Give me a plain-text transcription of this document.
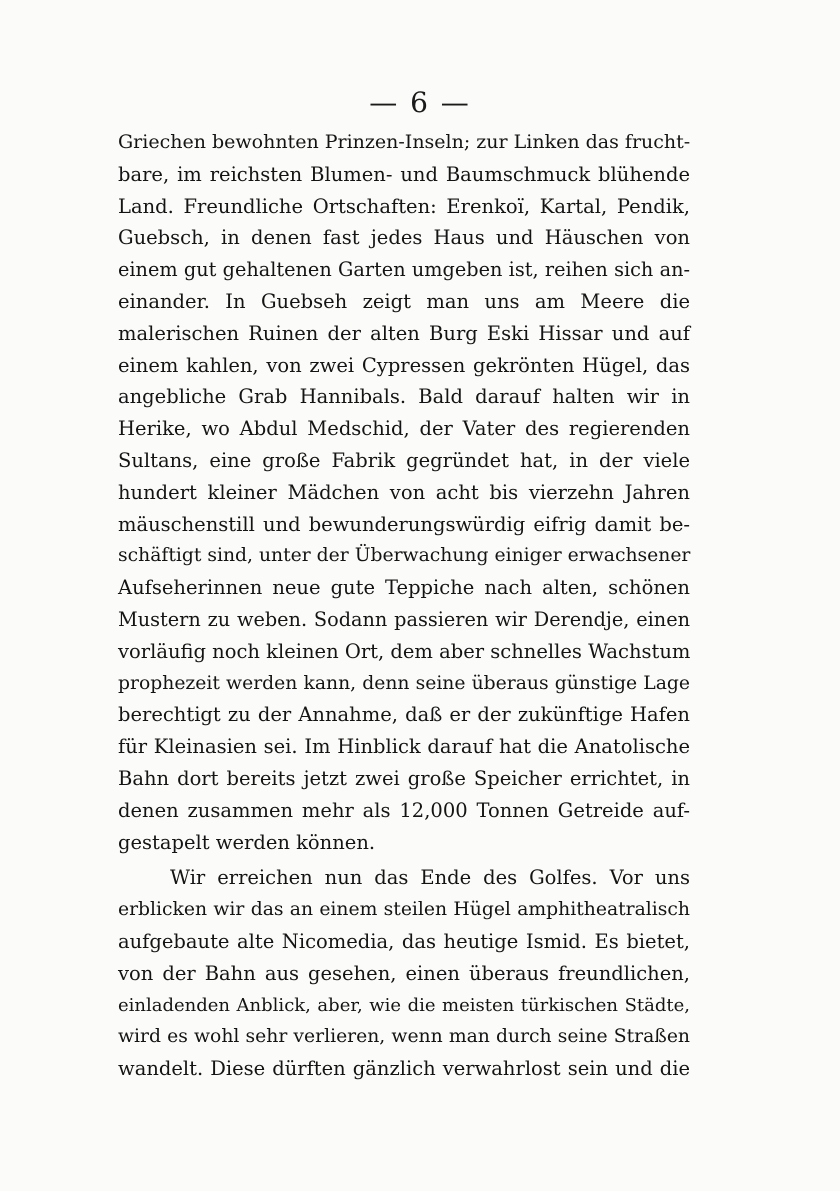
— 6 —
Griechen bewohnten Prinzen-Inseln; zur Linken das frucht-
bare, im reichsten Blumen- und Baumschmuck blühende
Land. Freundliche Ortschaften: Erenkoï, Kartal, Pendik,
Guebsch, in denen fast jedes Haus und Häuschen von
einem gut gehaltenen Garten umgeben ist, reihen sich an-
einander. In Guebseh zeigt man uns am Meere die
malerischen Ruinen der alten Burg Eski Hissar und auf
einem kahlen, von zwei Cypressen gekrönten Hügel, das
angebliche Grab Hannibals. Bald darauf halten wir in
Herike, wo Abdul Medschid, der Vater des regierenden
Sultans, eine große Fabrik gegründet hat, in der viele
hundert kleiner Mädchen von acht bis vierzehn Jahren
mäuschenstill und bewunderungswürdig eifrig damit be-
schäftigt sind, unter der Überwachung einiger erwachsener
Aufseherinnen neue gute Teppiche nach alten, schönen
Mustern zu weben. Sodann passieren wir Derendje, einen
vorläufig noch kleinen Ort, dem aber schnelles Wachstum
prophezeit werden kann, denn seine überaus günstige Lage
berechtigt zu der Annahme, daß er der zukünftige Hafen
für Kleinasien sei. Im Hinblick darauf hat die Anatolische
Bahn dort bereits jetzt zwei große Speicher errichtet, in
denen zusammen mehr als 12,000 Tonnen Getreide auf-
gestapelt werden können.
Wir erreichen nun das Ende des Golfes. Vor uns
erblicken wir das an einem steilen Hügel amphitheatralisch
aufgebaute alte Nicomedia, das heutige Ismid. Es bietet,
von der Bahn aus gesehen, einen überaus freundlichen,
einladenden Anblick, aber, wie die meisten türkischen Städte,
wird es wohl sehr verlieren, wenn man durch seine Straßen
wandelt. Diese dürften gänzlich verwahrlost sein und die
